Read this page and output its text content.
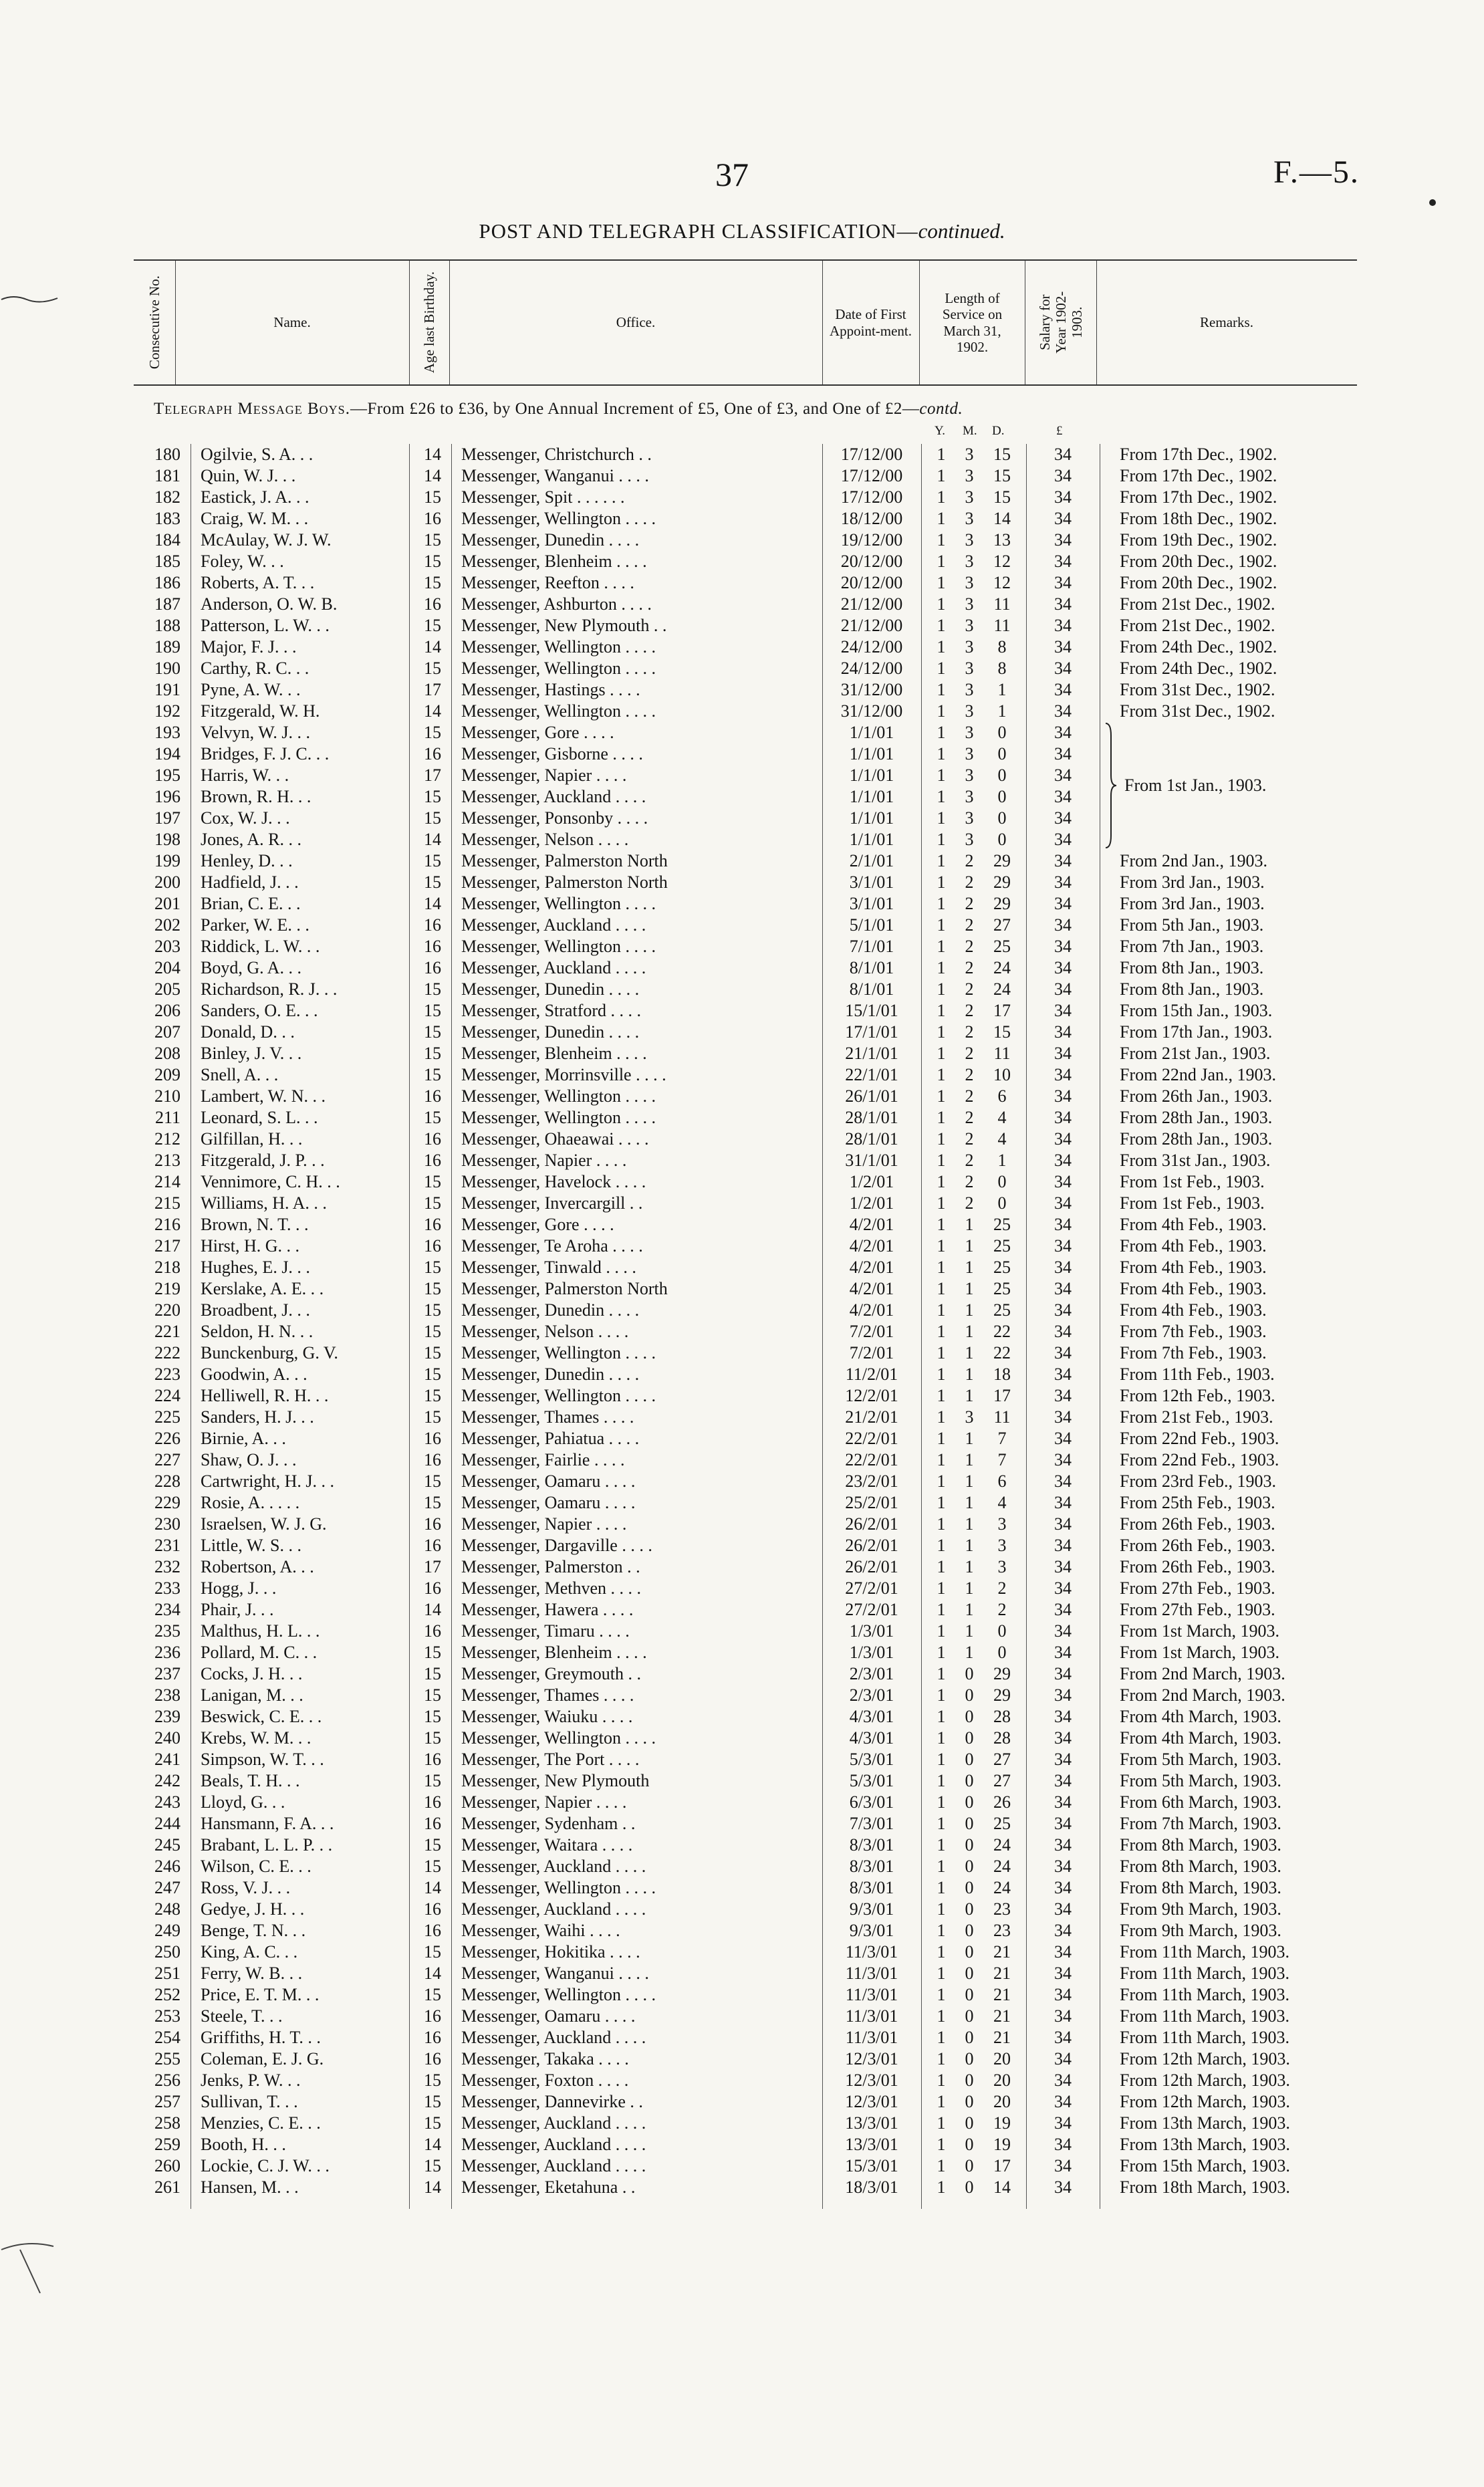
37	F.—5.
POST AND TELEGRAPH CLASSIFICATION—continued.
Consecutive No.	Name.	Age last Birthday.	Office.
Date of First Appoint-ment.
Length of Service on March 31, 1902.	Salary for Year 1902-1903.	Remarks.
Telegraph Message Boys.—From £26 to £36, by One Annual Increment of £5, One of £3, and One of £2—contd.
Y. M. D.	£
180 Ogilvie, S. A. . .	14	Messenger, Christchurch . .	17/12/00	1	3	15	34	From 17th Dec., 1902.
181 Quin, W. J. . .	14	Messenger, Wanganui . . . .	17/12/00	1	3	15	34	From 17th Dec., 1902.
182 Eastick, J. A. . .	15	Messenger, Spit . . . . . .	17/12/00	1	3	15	34	From 17th Dec., 1902.
183 Craig, W. M. . .	16	Messenger, Wellington . . . .	18/12/00	1	3	14	34	From 18th Dec., 1902.
184 McAulay, W. J. W.	15	Messenger, Dunedin . . . .	19/12/00	1	3	13	34	From 19th Dec., 1902.
185 Foley, W. . .	15	Messenger, Blenheim . . . .	20/12/00	1	3	12	34	From 20th Dec., 1902.
186 Roberts, A. T. . .	15	Messenger, Reefton . . . .	20/12/00	1	3	12	34	From 20th Dec., 1902.
187 Anderson, O. W. B.	16	Messenger, Ashburton . . . .	21/12/00	1	3	11	34	From 21st Dec., 1902.
188 Patterson, L. W. . .	15	Messenger, New Plymouth . .	21/12/00	1	3	11	34	From 21st Dec., 1902.
189 Major, F. J. . .	14	Messenger, Wellington . . . .	24/12/00	1	3	8	34	From 24th Dec., 1902.
190 Carthy, R. C. . .	15	Messenger, Wellington . . . .	24/12/00	1	3	8	34	From 24th Dec., 1902.
191 Pyne, A. W. . .	17	Messenger, Hastings . . . .	31/12/00	1	3	1	34	From 31st Dec., 1902.
192 Fitzgerald, W. H.	14	Messenger, Wellington . . . .	31/12/00	1	3	1	34	From 31st Dec., 1902.
193 Velvyn, W. J. . .	15	Messenger, Gore . . . .	1/1/01	1	3	0	34
194 Bridges, F. J. C. . .	16	Messenger, Gisborne . . . .	1/1/01	1	3	0	34
195 Harris, W. . .	17	Messenger, Napier . . . .	1/1/01	1	3	0	34
196 Brown, R. H. . .	15	Messenger, Auckland . . . .	1/1/01	1	3	0	34
197 Cox, W. J. . .	15	Messenger, Ponsonby . . . .	1/1/01	1	3	0	34
198 Jones, A. R. . .	14	Messenger, Nelson . . . .	1/1/01	1	3	0	34
199 Henley, D. . .	15	Messenger, Palmerston North	2/1/01	1	2	29	34	From 2nd Jan., 1903.
200 Hadfield, J. . .	15	Messenger, Palmerston North	3/1/01	1	2	29	34	From 3rd Jan., 1903.
201 Brian, C. E. . .	14	Messenger, Wellington . . . .	3/1/01	1	2	29	34	From 3rd Jan., 1903.
202 Parker, W. E. . .	16	Messenger, Auckland . . . .	5/1/01	1	2	27	34	From 5th Jan., 1903.
203 Riddick, L. W. . .	16	Messenger, Wellington . . . .	7/1/01	1	2	25	34	From 7th Jan., 1903.
204 Boyd, G. A. . .	16	Messenger, Auckland . . . .	8/1/01	1	2	24	34	From 8th Jan., 1903.
205 Richardson, R. J. . .	15	Messenger, Dunedin . . . .	8/1/01	1	2	24	34	From 8th Jan., 1903.
206 Sanders, O. E. . .	15	Messenger, Stratford . . . .	15/1/01	1	2	17	34	From 15th Jan., 1903.
207 Donald, D. . .	15	Messenger, Dunedin . . . .	17/1/01	1	2	15	34	From 17th Jan., 1903.
208 Binley, J. V. . .	15	Messenger, Blenheim . . . .	21/1/01	1	2	11	34	From 21st Jan., 1903.
209 Snell, A. . .	15	Messenger, Morrinsville . . . .	22/1/01	1	2	10	34	From 22nd Jan., 1903.
210 Lambert, W. N. . .	16	Messenger, Wellington . . . .	26/1/01	1	2	6	34	From 26th Jan., 1903.
211 Leonard, S. L. . .	15	Messenger, Wellington . . . .	28/1/01	1	2	4	34	From 28th Jan., 1903.
212 Gilfillan, H. . .	16	Messenger, Ohaeawai . . . .	28/1/01	1	2	4	34	From 28th Jan., 1903.
213 Fitzgerald, J. P. . .	16	Messenger, Napier . . . .	31/1/01	1	2	1	34	From 31st Jan., 1903.
214 Vennimore, C. H. . .	15	Messenger, Havelock . . . .	1/2/01	1	2	0	34	From 1st Feb., 1903.
215 Williams, H. A. . .	15	Messenger, Invercargill . .	1/2/01	1	2	0	34	From 1st Feb., 1903.
216 Brown, N. T. . .	16	Messenger, Gore . . . .	4/2/01	1	1	25	34	From 4th Feb., 1903.
217 Hirst, H. G. . .	16	Messenger, Te Aroha . . . .	4/2/01	1	1	25	34	From 4th Feb., 1903.
218 Hughes, E. J. . .	15	Messenger, Tinwald . . . .	4/2/01	1	1	25	34	From 4th Feb., 1903.
219 Kerslake, A. E. . .	15	Messenger, Palmerston North	4/2/01	1	1	25	34	From 4th Feb., 1903.
220 Broadbent, J. . .	15	Messenger, Dunedin . . . .	4/2/01	1	1	25	34	From 4th Feb., 1903.
221 Seldon, H. N. . .	15	Messenger, Nelson . . . .	7/2/01	1	1	22	34	From 7th Feb., 1903.
222 Bunckenburg, G. V.	15	Messenger, Wellington . . . .	7/2/01	1	1	22	34	From 7th Feb., 1903.
223 Goodwin, A. . .	15	Messenger, Dunedin . . . .	11/2/01	1	1	18	34	From 11th Feb., 1903.
224 Helliwell, R. H. . .	15	Messenger, Wellington . . . .	12/2/01	1	1	17	34	From 12th Feb., 1903.
225 Sanders, H. J. . .	15	Messenger, Thames . . . .	21/2/01	1	3	11	34	From 21st Feb., 1903.
226 Birnie, A. . .	16	Messenger, Pahiatua . . . .	22/2/01	1	1	7	34	From 22nd Feb., 1903.
227 Shaw, O. J. . .	16	Messenger, Fairlie . . . .	22/2/01	1	1	7	34	From 22nd Feb., 1903.
228 Cartwright, H. J. . .	15	Messenger, Oamaru . . . .	23/2/01	1	1	6	34	From 23rd Feb., 1903.
229 Rosie, A. . . . .	15	Messenger, Oamaru . . . .	25/2/01	1	1	4	34	From 25th Feb., 1903.
230 Israelsen, W. J. G.	16	Messenger, Napier . . . .	26/2/01	1	1	3	34	From 26th Feb., 1903.
231 Little, W. S. . .	16	Messenger, Dargaville . . . .	26/2/01	1	1	3	34	From 26th Feb., 1903.
232 Robertson, A. . .	17	Messenger, Palmerston . .	26/2/01	1	1	3	34	From 26th Feb., 1903.
233 Hogg, J. . .	16	Messenger, Methven . . . .	27/2/01	1	1	2	34	From 27th Feb., 1903.
234 Phair, J. . .	14	Messenger, Hawera . . . .	27/2/01	1	1	2	34	From 27th Feb., 1903.
235 Malthus, H. L. . .	16	Messenger, Timaru . . . .	1/3/01	1	1	0	34	From 1st March, 1903.
236 Pollard, M. C. . .	15	Messenger, Blenheim . . . .	1/3/01	1	1	0	34	From 1st March, 1903.
237 Cocks, J. H. . .	15	Messenger, Greymouth . .	2/3/01	1	0	29	34	From 2nd March, 1903.
238 Lanigan, M. . .	15	Messenger, Thames . . . .	2/3/01	1	0	29	34	From 2nd March, 1903.
239 Beswick, C. E. . .	15	Messenger, Waiuku . . . .	4/3/01	1	0	28	34	From 4th March, 1903.
240 Krebs, W. M. . .	15	Messenger, Wellington . . . .	4/3/01	1	0	28	34	From 4th March, 1903.
241 Simpson, W. T. . .	16	Messenger, The Port . . . .	5/3/01	1	0	27	34	From 5th March, 1903.
242 Beals, T. H. . .	15	Messenger, New Plymouth	5/3/01	1	0	27	34	From 5th March, 1903.
243 Lloyd, G. . .	16	Messenger, Napier . . . .	6/3/01	1	0	26	34	From 6th March, 1903.
244 Hansmann, F. A. . .	16	Messenger, Sydenham . .	7/3/01	1	0	25	34	From 7th March, 1903.
245 Brabant, L. L. P. . .	15	Messenger, Waitara . . . .	8/3/01	1	0	24	34	From 8th March, 1903.
246 Wilson, C. E. . .	15	Messenger, Auckland . . . .	8/3/01	1	0	24	34	From 8th March, 1903.
247 Ross, V. J. . .	14	Messenger, Wellington . . . .	8/3/01	1	0	24	34	From 8th March, 1903.
248 Gedye, J. H. . .	16	Messenger, Auckland . . . .	9/3/01	1	0	23	34	From 9th March, 1903.
249 Benge, T. N. . .	16	Messenger, Waihi . . . .	9/3/01	1	0	23	34	From 9th March, 1903.
250 King, A. C. . .	15	Messenger, Hokitika . . . .	11/3/01	1	0	21	34	From 11th March, 1903.
251 Ferry, W. B. . .	14	Messenger, Wanganui . . . .	11/3/01	1	0	21	34	From 11th March, 1903.
252 Price, E. T. M. . .	15	Messenger, Wellington . . . .	11/3/01	1	0	21	34	From 11th March, 1903.
253 Steele, T. . .	16	Messenger, Oamaru . . . .	11/3/01	1	0	21	34	From 11th March, 1903.
254 Griffiths, H. T. . .	16	Messenger, Auckland . . . .	11/3/01	1	0	21	34	From 11th March, 1903.
255 Coleman, E. J. G.	16	Messenger, Takaka . . . .	12/3/01	1	0	20	34	From 12th March, 1903.
256 Jenks, P. W. . .	15	Messenger, Foxton . . . .	12/3/01	1	0	20	34	From 12th March, 1903.
257 Sullivan, T. . .	15	Messenger, Dannevirke . .	12/3/01	1	0	20	34	From 12th March, 1903.
258 Menzies, C. E. . .	15	Messenger, Auckland . . . .	13/3/01	1	0	19	34	From 13th March, 1903.
259 Booth, H. . .	14	Messenger, Auckland . . . .	13/3/01	1	0	19	34	From 13th March, 1903.
260 Lockie, C. J. W. . .	15	Messenger, Auckland . . . .	15/3/01	1	0	17	34	From 15th March, 1903.
261 Hansen, M. . .	14	Messenger, Eketahuna . .	18/3/01	1	0	14	34	From 18th March, 1903.
From 1st Jan., 1903.
